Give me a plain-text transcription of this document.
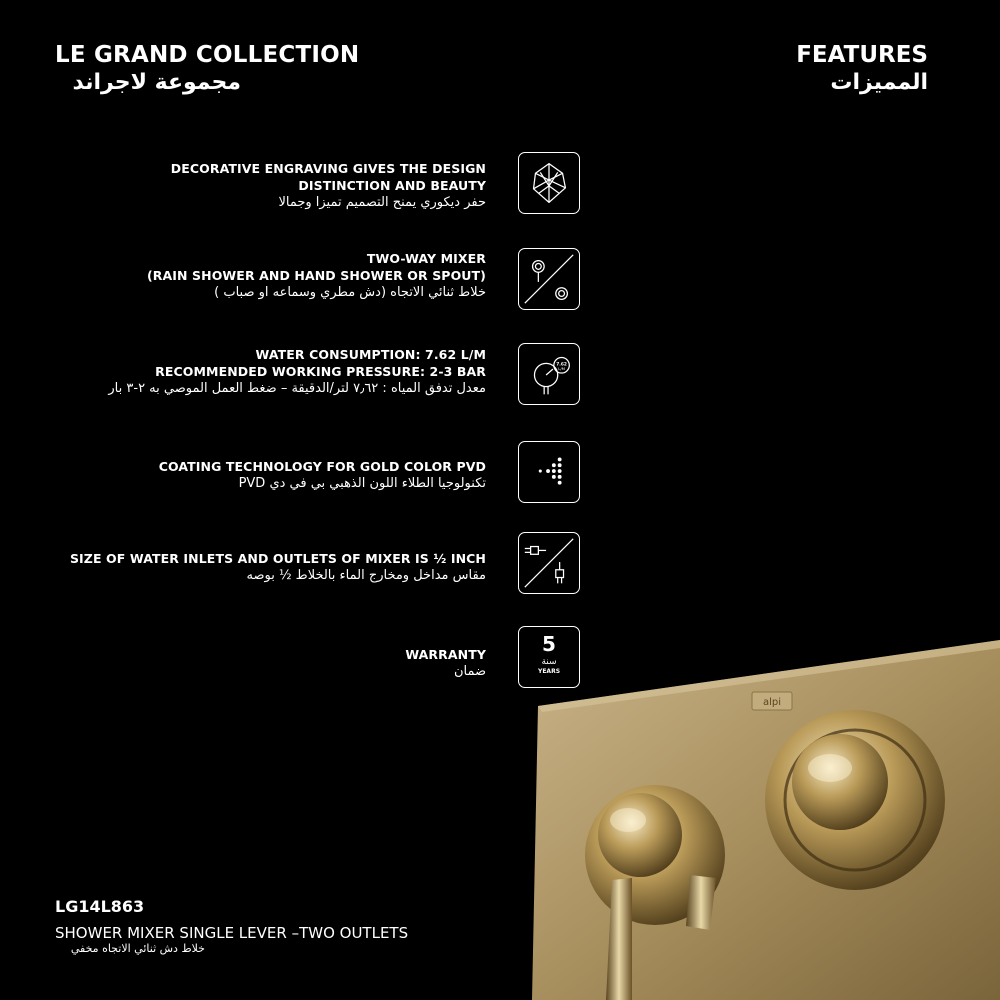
LE GRAND COLLECTION
مجموعة لاجراند
FEATURES
المميزات
DECORATIVE ENGRAVING GIVES THE DESIGN
DISTINCTION AND BEAUTY
حفر ديكوري يمنح التصميم تميزا وجمالا
TWO-WAY MIXER
(RAIN SHOWER AND HAND SHOWER OR SPOUT)
خلاط ثنائي الاتجاه (دش مطري وسماعه او صباب )
WATER CONSUMPTION: 7.62 L/M
RECOMMENDED WORKING PRESSURE: 2-3 BAR
معدل تدفق المياه : ٧٫٦٢ لتر/الدقيقة – ضغط العمل الموصي به ٢-٣ بار
7.62
L/M
COATING TECHNOLOGY FOR GOLD COLOR PVD
تكنولوجيا الطلاء اللون الذهبي بي في دي PVD
SIZE OF WATER INLETS AND OUTLETS OF MIXER IS ½ INCH
مقاس مداخل ومخارج الماء بالخلاط ½ بوصه
WARRANTY
ضمان
5
سنة
YEARS
alpi
LG14L863
SHOWER MIXER SINGLE LEVER –TWO OUTLETS
خلاط دش ثنائي الاتجاه مخفي
